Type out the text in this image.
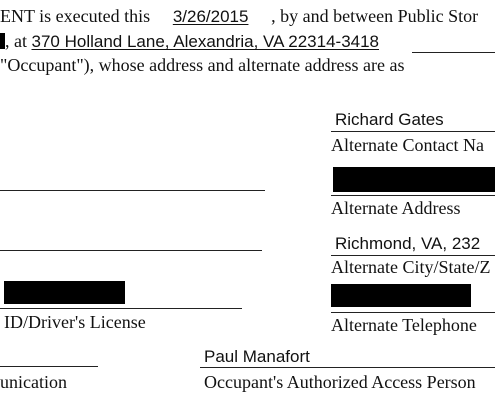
ENT is executed this 3/26/2015 , by and between Public Stor
, at 370 Holland Lane, Alexandria, VA 22314-3418
"Occupant"), whose address and alternate address are as
Richard Gates
Alternate Contact Na
Alternate Address
Richmond, VA, 232
Alternate City/State/Z
Alternate Telephone
ID/Driver's License
unication
Paul Manafort
Occupant's Authorized Access Person
